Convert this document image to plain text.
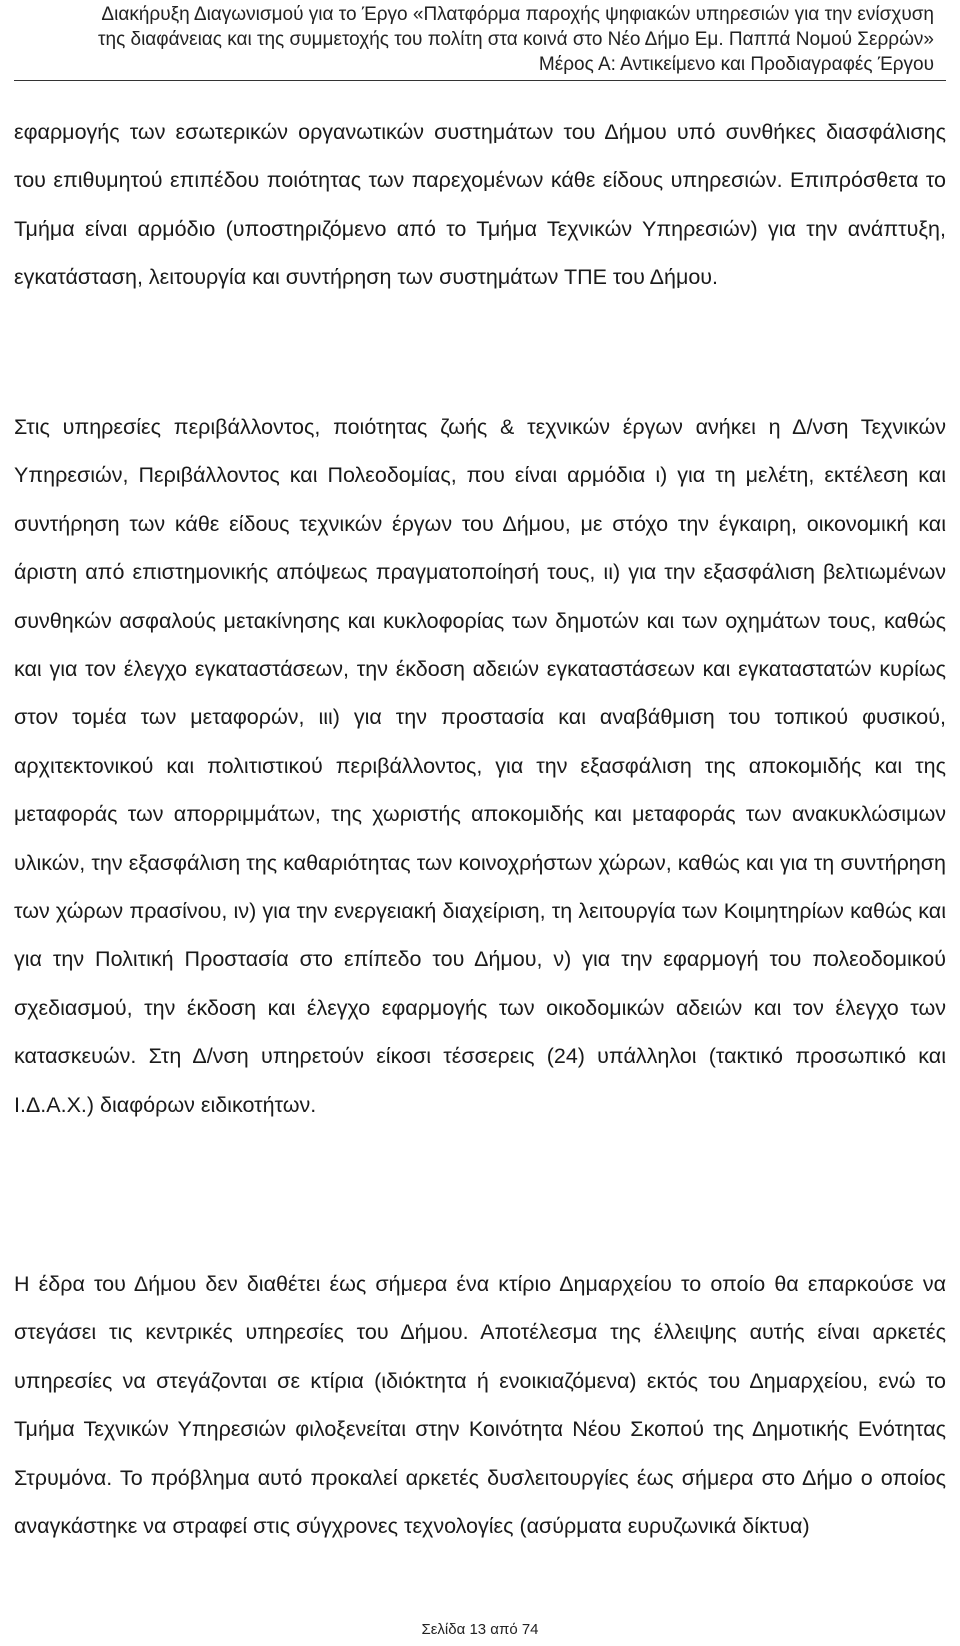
Διακήρυξη Διαγωνισμού για το Έργο «Πλατφόρμα παροχής ψηφιακών υπηρεσιών για την ενίσχυση
της διαφάνειας και της συμμετοχής του πολίτη στα κοινά στο Νέο Δήμο Εμ. Παππά Νομού Σερρών»
Μέρος Α: Αντικείμενο και Προδιαγραφές Έργου

εφαρμογής των εσωτερικών οργανωτικών συστημάτων του Δήμου υπό συνθήκες διασφάλισης του επιθυμητού επιπέδου ποιότητας των παρεχομένων κάθε είδους υπηρεσιών. Επιπρόσθετα το Τμήμα είναι αρμόδιο (υποστηριζόμενο από το Τμήμα Τεχνικών Υπηρεσιών) για την ανάπτυξη, εγκατάσταση, λειτουργία και συντήρηση των συστημάτων ΤΠΕ του Δήμου.

Στις υπηρεσίες περιβάλλοντος, ποιότητας ζωής & τεχνικών έργων ανήκει η Δ/νση Τεχνικών Υπηρεσιών, Περιβάλλοντος και Πολεοδομίας, που είναι αρμόδια ι) για τη μελέτη, εκτέλεση και συντήρηση των κάθε είδους τεχνικών έργων του Δήμου, με στόχο την έγκαιρη, οικονομική και άριστη από επιστημονικής απόψεως πραγματοποίησή τους, ιι) για την εξασφάλιση βελτιωμένων συνθηκών ασφαλούς μετακίνησης και κυκλοφορίας των δημοτών και των οχημάτων τους, καθώς και για τον έλεγχο εγκαταστάσεων, την έκδοση αδειών εγκαταστάσεων και εγκαταστατών κυρίως στον τομέα των μεταφορών, ιιι) για την προστασία και αναβάθμιση του τοπικού φυσικού, αρχιτεκτονικού και πολιτιστικού περιβάλλοντος, για την εξασφάλιση της αποκομιδής και της μεταφοράς των απορριμμάτων, της χωριστής αποκομιδής και μεταφοράς των ανακυκλώσιμων υλικών, την εξασφάλιση της καθαριότητας των κοινοχρήστων χώρων, καθώς και για τη συντήρηση των χώρων πρασίνου, ιν) για την ενεργειακή διαχείριση, τη λειτουργία των Κοιμητηρίων καθώς και για την Πολιτική Προστασία στο επίπεδο του Δήμου, ν) για την εφαρμογή του πολεοδομικού σχεδιασμού, την έκδοση και έλεγχο εφαρμογής των οικοδομικών αδειών και τον έλεγχο των κατασκευών. Στη Δ/νση υπηρετούν είκοσι τέσσερεις (24) υπάλληλοι (τακτικό προσωπικό και Ι.Δ.Α.Χ.) διαφόρων ειδικοτήτων.

Η έδρα του Δήμου δεν διαθέτει έως σήμερα ένα κτίριο Δημαρχείου το οποίο θα επαρκούσε να στεγάσει τις κεντρικές υπηρεσίες του Δήμου. Αποτέλεσμα της έλλειψης αυτής είναι αρκετές υπηρεσίες να στεγάζονται σε κτίρια (ιδιόκτητα ή ενοικιαζόμενα) εκτός του Δημαρχείου, ενώ το Τμήμα Τεχνικών Υπηρεσιών φιλοξενείται στην Κοινότητα Νέου Σκοπού της Δημοτικής Ενότητας Στρυμόνα. Το πρόβλημα αυτό προκαλεί αρκετές δυσλειτουργίες έως σήμερα στο Δήμο ο οποίος αναγκάστηκε να στραφεί στις σύγχρονες τεχνολογίες (ασύρματα ευρυζωνικά δίκτυα)

Σελίδα 13 από 74
